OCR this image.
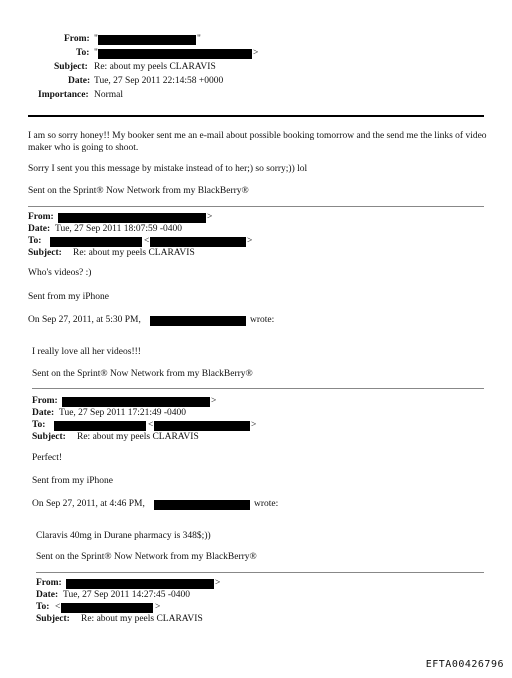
From: "	"
To: "	>
Subject: Re: about my peels CLARAVIS
Date: Tue, 27 Sep 2011 22:14:58 +0000
Importance: Normal
I am so sorry honey!! My booker sent me an e-mail about possible booking tomorrow and the send me the links of video maker who is going to shoot.
Sorry I sent you this message by mistake instead of to her;) so sorry;)) lol
Sent on the Sprint® Now Network from my BlackBerry®
From:	>
Date: Tue, 27 Sep 2011 18:07:59 -0400
To:	<	>
Subject: Re: about my peels CLARAVIS
Who's videos? :)
Sent from my iPhone
On Sep 27, 2011, at 5:30 PM,	wrote:
I really love all her videos!!!
Sent on the Sprint® Now Network from my BlackBerry®
From:	>
Date: Tue, 27 Sep 2011 17:21:49 -0400
To:	<	>
Subject: Re: about my peels CLARAVIS
Perfect!
Sent from my iPhone
On Sep 27, 2011, at 4:46 PM,	wrote:
Claravis 40mg in Durane pharmacy is 348$;))
Sent on the Sprint® Now Network from my BlackBerry®
From:	>
Date: Tue, 27 Sep 2011 14:27:45 -0400
To: <	>
Subject: Re: about my peels CLARAVIS
EFTA00426796
